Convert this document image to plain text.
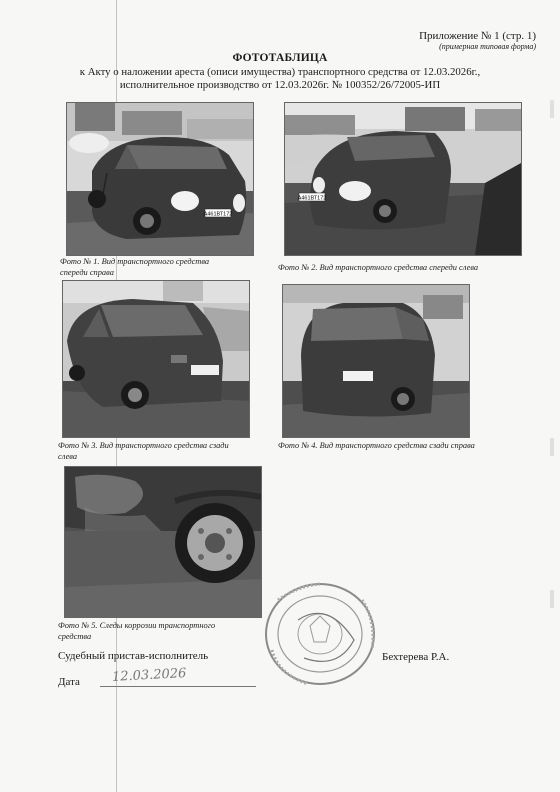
Приложение № 1 (стр. 1)
(примерная типовая форма)
ФОТОТАБЛИЦА
к Акту о наложении ареста (описи имущества) транспортного средства от 12.03.2026г.,
исполнительное производство от 12.03.2026г. № 100352/26/72005-ИП
А461ВТ172
Фото № 1. Вид транспортного средства
спереди справа
А461ВТ172
Фото № 2. Вид транспортного средства спереди слева
Фото № 3. Вид транспортного средства сзади
слева
Фото № 4. Вид транспортного средства сзади справа
Фото № 5. Следы коррозии транспортного
средства
Судебный пристав-исполнитель	Бехтерева Р.А.
Дата 12.03.2026
